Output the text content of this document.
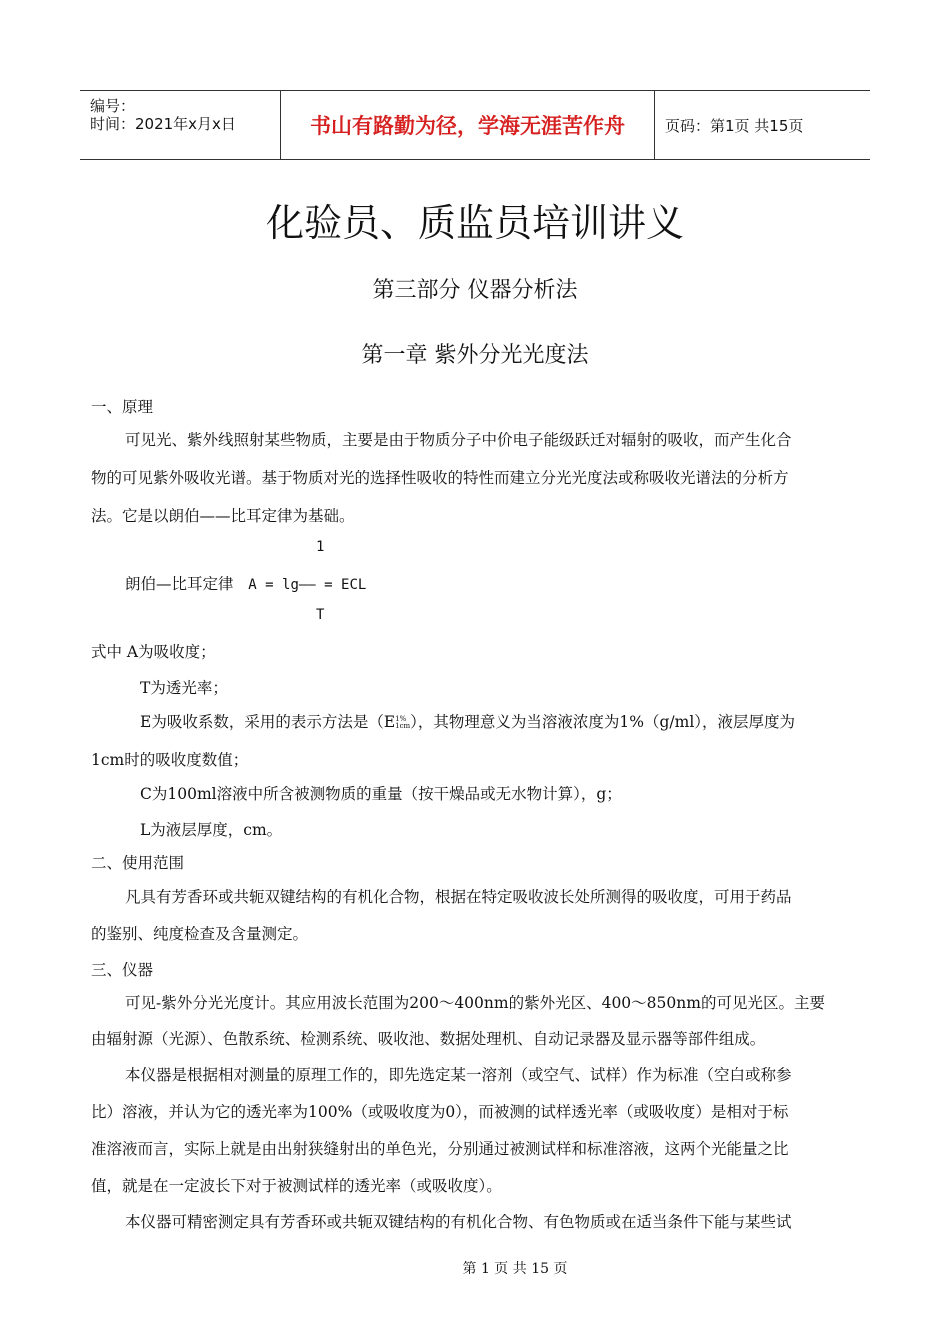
编号：
时间：2021年x月x日	书山有路勤为径，学海无涯苦作舟	页码：第1页 共15页
化验员、质监员培训讲义
第三部分 仪器分析法
第一章 紫外分光光度法
一、原理
可见光、紫外线照射某些物质，主要是由于物质分子中价电子能级跃迁对辐射的吸收，而产生化合
物的可见紫外吸收光谱。基于物质对光的选择性吸收的特性而建立分光光度法或称吸收光谱法的分析方
法。它是以朗伯——比耳定律为基础。
1
朗伯—比耳定律 A = lg—— = ECL
T
式中 A为吸收度；
T为透光率；
E为吸收系数，采用的表示方法是（E1%
1cm），其物理意义为当溶液浓度为1%（g/ml），液层厚度为
1cm时的吸收度数值；
C为100ml溶液中所含被测物质的重量（按干燥品或无水物计算），g；
L为液层厚度，cm。
二、使用范围
凡具有芳香环或共轭双键结构的有机化合物，根据在特定吸收波长处所测得的吸收度，可用于药品
的鉴别、纯度检查及含量测定。
三、仪器
可见-紫外分光光度计。其应用波长范围为200～400nm的紫外光区、400～850nm的可见光区。主要
由辐射源（光源）、色散系统、检测系统、吸收池、数据处理机、自动记录器及显示器等部件组成。
本仪器是根据相对测量的原理工作的，即先选定某一溶剂（或空气、试样）作为标准（空白或称参
比）溶液，并认为它的透光率为100%（或吸收度为0），而被测的试样透光率（或吸收度）是相对于标
准溶液而言，实际上就是由出射狭缝射出的单色光，分别通过被测试样和标准溶液，这两个光能量之比
值，就是在一定波长下对于被测试样的透光率（或吸收度）。
本仪器可精密测定具有芳香环或共轭双键结构的有机化合物、有色物质或在适当条件下能与某些试
第 1 页 共 15 页
